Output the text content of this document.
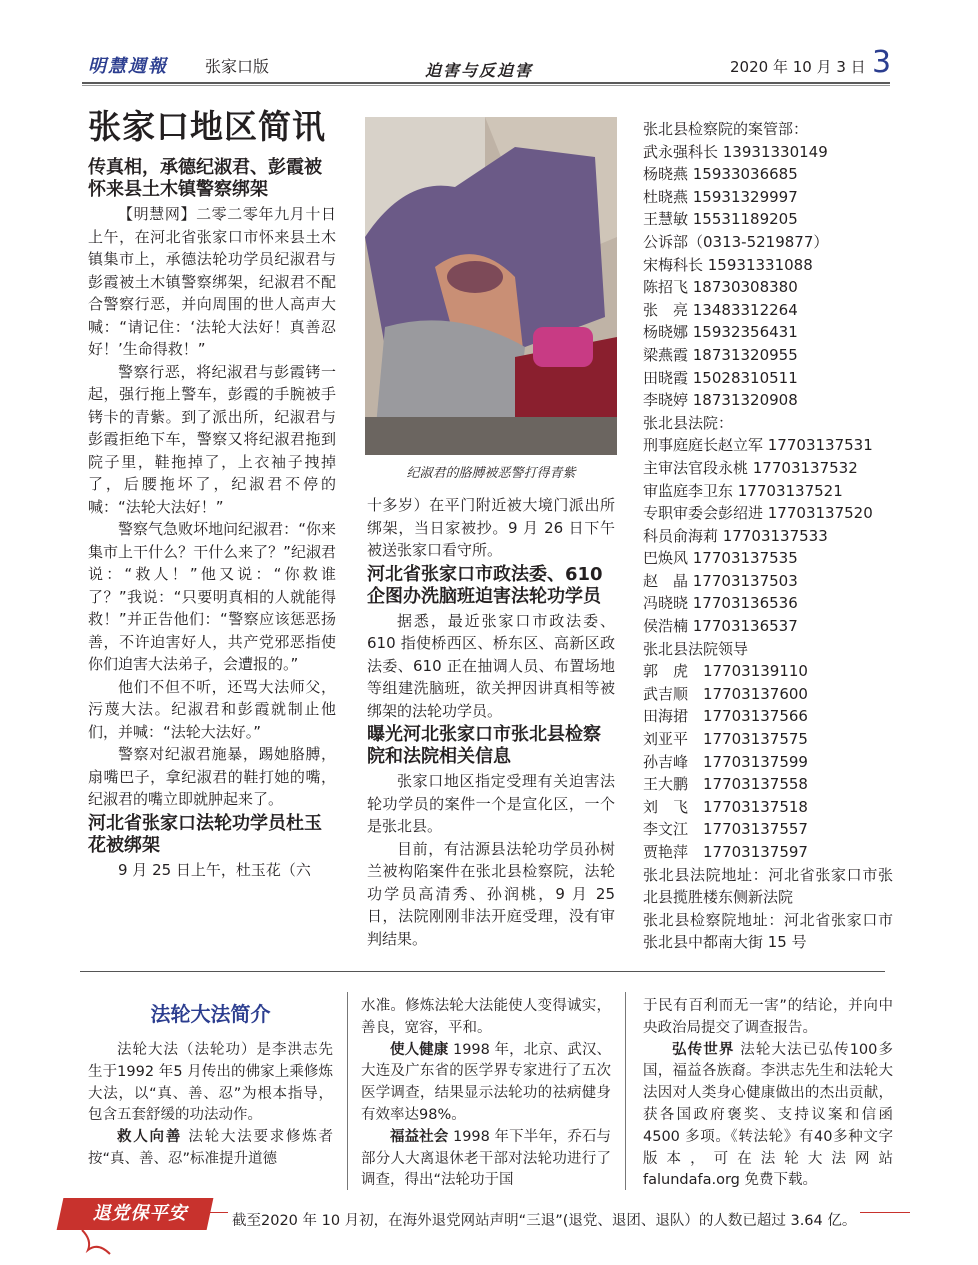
明慧週報 张家口版	迫害与反迫害	2020 年 10 月 3 日 3
张家口地区简讯
传真相，承德纪淑君、彭霞被怀来县土木镇警察绑架

【明慧网】二零二零年九月十日上午，在河北省张家口市怀来县土木镇集市上，承德法轮功学员纪淑君与彭霞被土木镇警察绑架，纪淑君不配合警察行恶，并向周围的世人高声大喊：“请记住：‘法轮大法好！真善忍好！’生命得救！”

警察行恶，将纪淑君与彭霞铐一起，强行拖上警车，彭霞的手腕被手铐卡的青紫。到了派出所，纪淑君与彭霞拒绝下车，警察又将纪淑君拖到院子里，鞋拖掉了，上衣袖子拽掉了，后腰拖坏了，纪淑君不停的喊：“法轮大法好！”

警察气急败坏地问纪淑君：“你来集市上干什么？干什么来了？”纪淑君说：“救人！”他又说：“你救谁了？”我说：“只要明真相的人就能得救！”并正告他们：“警察应该惩恶扬善，不许迫害好人，共产党邪恶指使你们迫害大法弟子，会遭报的。”

他们不但不听，还骂大法师父，污蔑大法。纪淑君和彭霞就制止他们，并喊：“法轮大法好。”

警察对纪淑君施暴，踢她胳膊，扇嘴巴子，拿纪淑君的鞋打她的嘴，纪淑君的嘴立即就肿起来了。

河北省张家口法轮功学员杜玉花被绑架

9 月 25 日上午，杜玉花（六

纪淑君的胳膊被恶警打得青紫

十多岁）在平门附近被大境门派出所绑架，当日家被抄。9 月 26 日下午被送张家口看守所。

河北省张家口市政法委、610企图办洗脑班迫害法轮功学员

据悉，最近张家口市政法委、610 指使桥西区、桥东区、高新区政法委、610 正在抽调人员、布置场地等组建洗脑班，欲关押因讲真相等被绑架的法轮功学员。

曝光河北张家口市张北县检察院和法院相关信息

张家口地区指定受理有关迫害法轮功学员的案件一个是宣化区，一个是张北县。

目前，有沽源县法轮功学员孙树兰被构陷案件在张北县检察院，法轮功学员高清秀、孙润桃，9 月 25 日，法院刚刚非法开庭受理，没有审判结果。

张北县检察院的案管部：
武永强科长 13931330149
杨晓燕 15933036685
杜晓燕 15931329997
王慧敏 15531189205
公诉部（0313-5219877）
宋梅科长 15931331088
陈招飞 18730308380
张　亮 13483312264
杨晓娜 15932356431
梁燕霞 18731320955
田晓霞 15028310511
李晓婷 18731320908
张北县法院：
刑事庭庭长赵立军 17703137531
主审法官段永桃 17703137532
审监庭李卫东 17703137521
专职审委会彭绍进 17703137520
科员俞海莉 17703137533
巴焕风 17703137535
赵　晶 17703137503
冯晓晓 17703136536
侯浩楠 17703136537
张北县法院领导
郭　虎　17703139110
武吉顺　17703137600
田海捃　17703137566
刘亚平　17703137575
孙吉峰　17703137599
王大鹏　17703137558
刘　飞　17703137518
李文江　17703137557
贾艳萍　17703137597

张北县法院地址：河北省张家口市张北县揽胜楼东侧新法院

张北县检察院地址：河北省张家口市张北县中都南大街 15 号

法轮大法简介

法轮大法（法轮功）是李洪志先生于1992 年5 月传出的佛家上乘修炼大法，以“真、善、忍”为根本指导，包含五套舒缓的功法动作。

救人向善 法轮大法要求修炼者按“真、善、忍”标准提升道德

水准。修炼法轮大法能使人变得诚实，善良，宽容，平和。

使人健康 1998 年，北京、武汉、大连及广东省的医学界专家进行了五次医学调查，结果显示法轮功的祛病健身有效率达98%。

福益社会 1998 年下半年，乔石与部分人大离退休老干部对法轮功进行了调查，得出“法轮功于国

于民有百利而无一害”的结论，并向中央政治局提交了调查报告。

弘传世界 法轮大法已弘传100多国，福益各族裔。李洪志先生和法轮大法因对人类身心健康做出的杰出贡献，获各国政府褒奖、支持议案和信函4500 多项。《转法轮》有40多种文字版本，可在法轮大法网站falundafa.org 免费下载。

退党保平安	截至2020 年 10 月初，在海外退党网站声明“三退”(退党、退团、退队）的人数已超过 3.64 亿。
